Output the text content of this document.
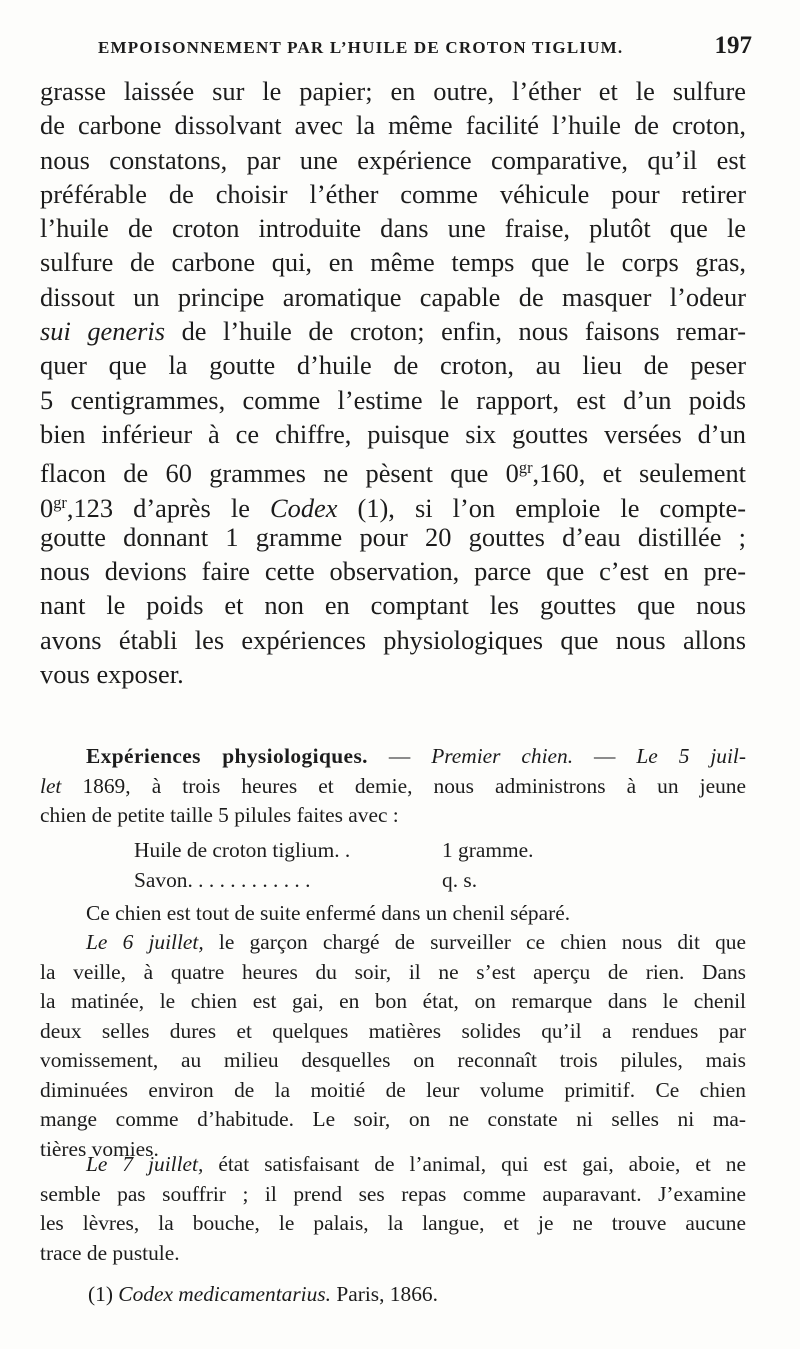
EMPOISONNEMENT PAR L’HUILE DE CROTON TIGLIUM.	197
grasse laissée sur le papier; en outre, l’éther et le sulfure
de carbone dissolvant avec la même facilité l’huile de croton,
nous constatons, par une expérience comparative, qu’il est
préférable de choisir l’éther comme véhicule pour retirer
l’huile de croton introduite dans une fraise, plutôt que le
sulfure de carbone qui, en même temps que le corps gras,
dissout un principe aromatique capable de masquer l’odeur
sui generis de l’huile de croton; enfin, nous faisons remar-
quer que la goutte d’huile de croton, au lieu de peser
5 centigrammes, comme l’estime le rapport, est d’un poids
bien inférieur à ce chiffre, puisque six gouttes versées d’un
flacon de 60 grammes ne pèsent que $0^{gr},160$, et seulement
$0^{gr},123$ d’après le Codex (1), si l’on emploie le compte-
goutte donnant 1 gramme pour 20 gouttes d’eau distillée ;
nous devions faire cette observation, parce que c’est en pre-
nant le poids et non en comptant les gouttes que nous
avons établi les expériences physiologiques que nous allons
vous exposer.
Expériences physiologiques. — Premier chien. — Le 5 juil-
let 1869, à trois heures et demie, nous administrons à un jeune
chien de petite taille 5 pilules faites avec :
Huile de croton tiglium. .	1 gramme.
Savon. . . . . . . . . . . .	q. s.
Ce chien est tout de suite enfermé dans un chenil séparé.
Le 6 juillet, le garçon chargé de surveiller ce chien nous dit que
la veille, à quatre heures du soir, il ne s’est aperçu de rien. Dans
la matinée, le chien est gai, en bon état, on remarque dans le chenil
deux selles dures et quelques matières solides qu’il a rendues par
vomissement, au milieu desquelles on reconnaît trois pilules, mais
diminuées environ de la moitié de leur volume primitif. Ce chien
mange comme d’habitude. Le soir, on ne constate ni selles ni ma-
tières vomies.
Le 7 juillet, état satisfaisant de l’animal, qui est gai, aboie, et ne
semble pas souffrir ; il prend ses repas comme auparavant. J’examine
les lèvres, la bouche, le palais, la langue, et je ne trouve aucune
trace de pustule.
(1) Codex medicamentarius. Paris, 1866.
